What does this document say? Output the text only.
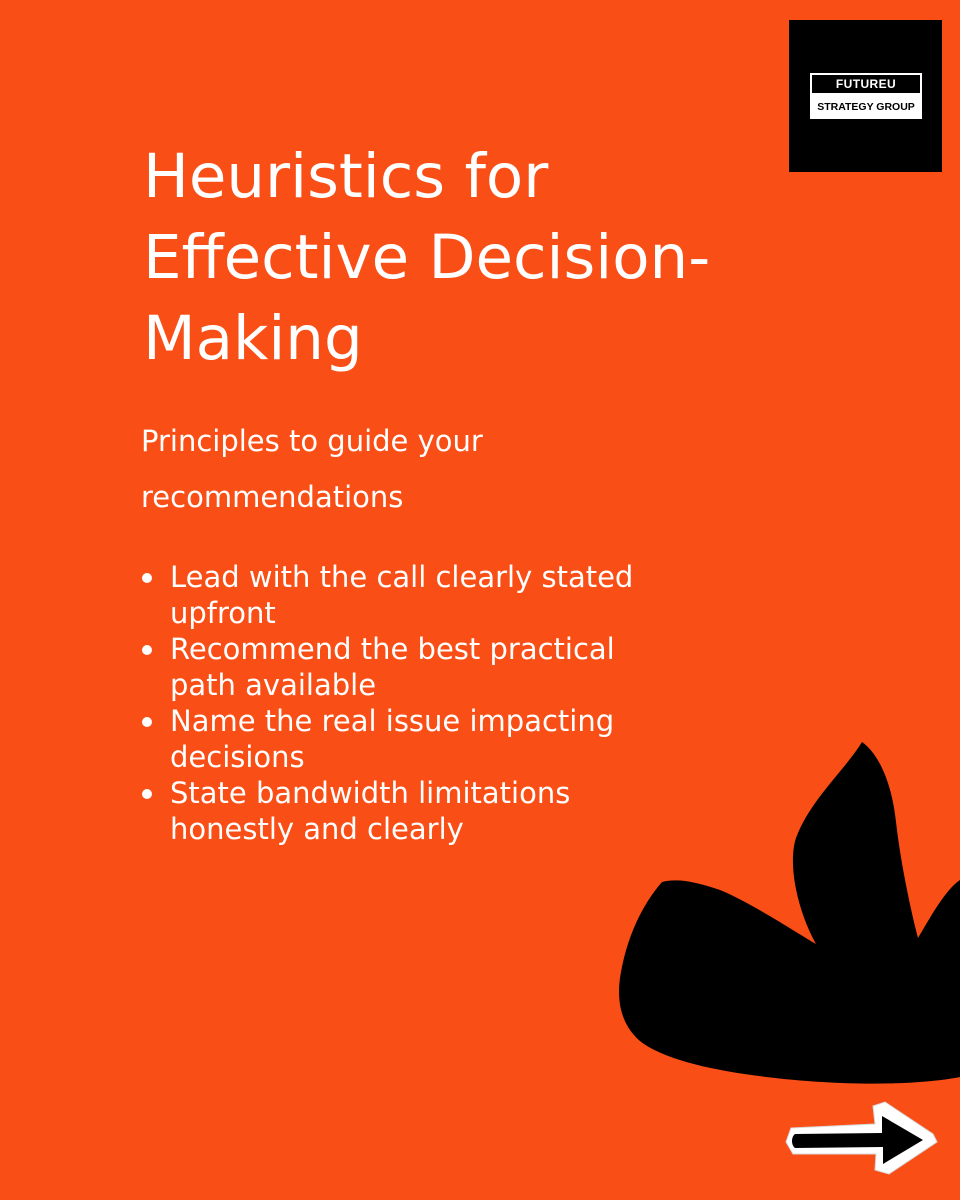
FUTUREU
STRATEGY GROUP
Heuristics for
Effective Decision-
Making
Principles to guide your
recommendations
Lead with the call clearly stated
upfront
Recommend the best practical
path available
Name the real issue impacting
decisions
State bandwidth limitations
honestly and clearly
